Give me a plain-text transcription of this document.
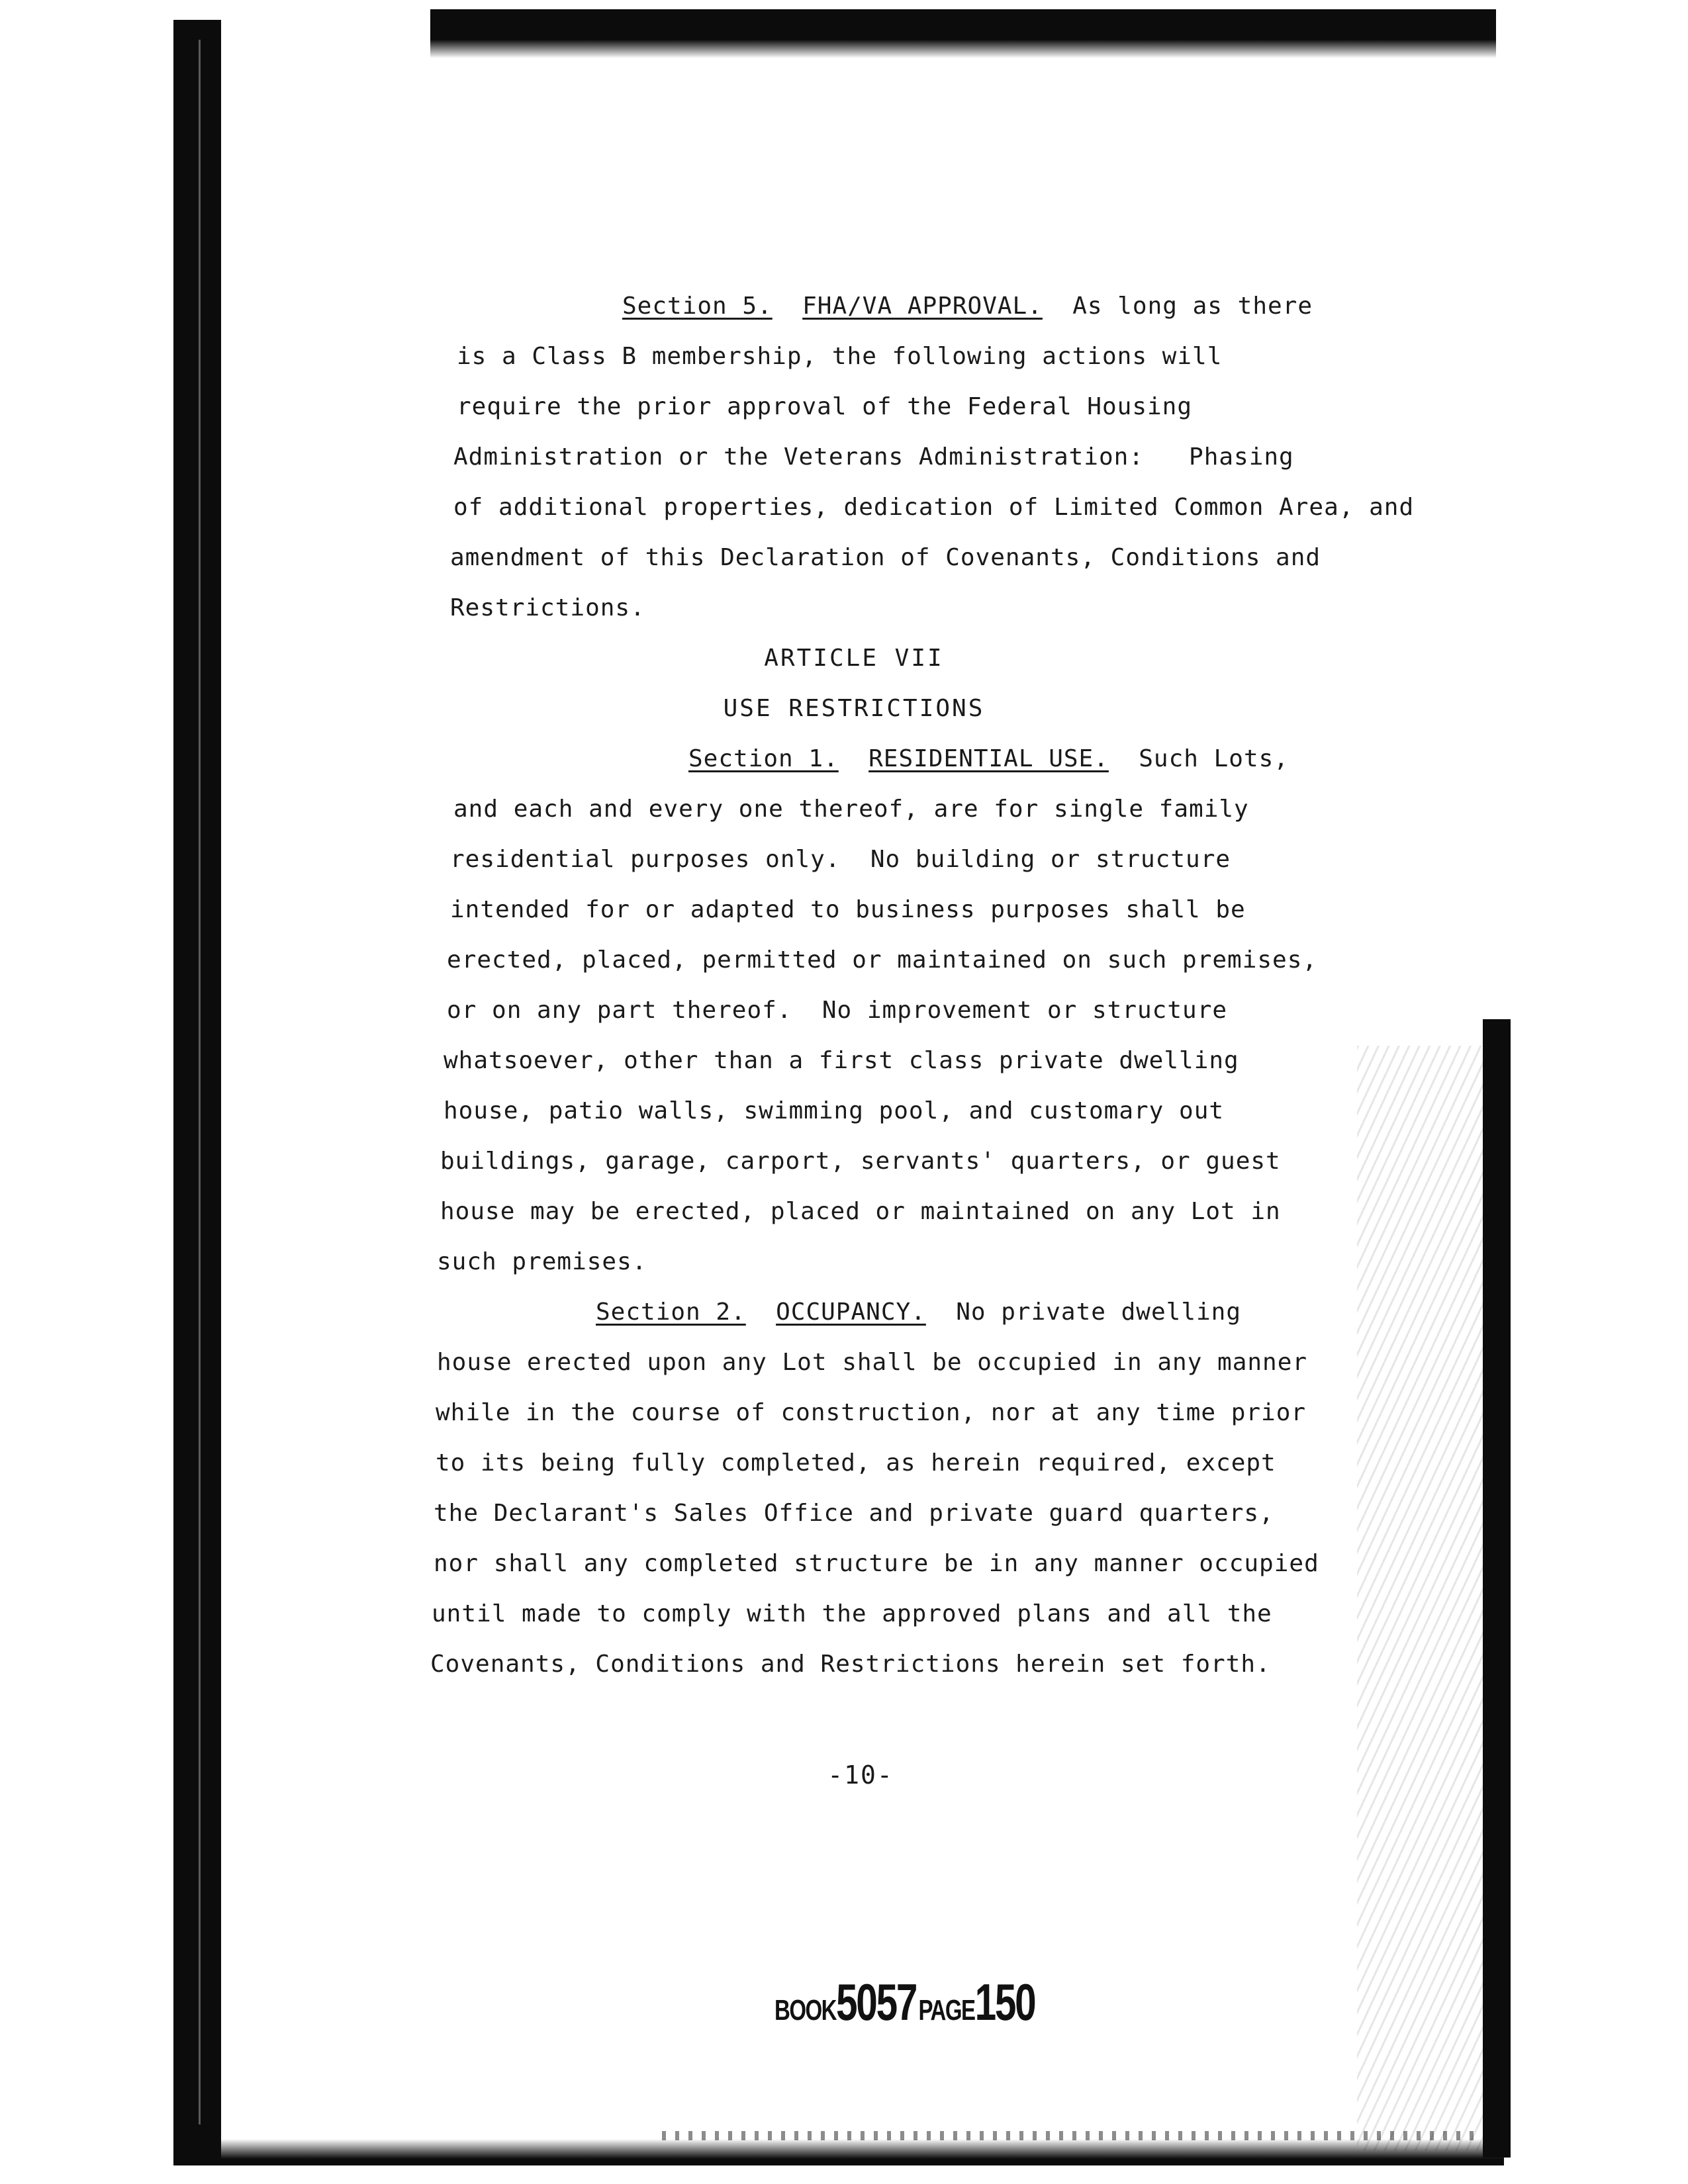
Section 5. FHA/VA APPROVAL.  As long as there
is a Class B membership, the following actions will
require the prior approval of the Federal Housing
Administration or the Veterans Administration:   Phasing
of additional properties, dedication of Limited Common Area, and
amendment of this Declaration of Covenants, Conditions and
Restrictions.
ARTICLE VII
USE RESTRICTIONS
Section 1. RESIDENTIAL USE.  Such Lots,
and each and every one thereof, are for single family
residential purposes only.  No building or structure
intended for or adapted to business purposes shall be
erected, placed, permitted or maintained on such premises,
or on any part thereof.  No improvement or structure
whatsoever, other than a first class private dwelling
house, patio walls, swimming pool, and customary out
buildings, garage, carport, servants' quarters, or guest
house may be erected, placed or maintained on any Lot in
such premises.
Section 2. OCCUPANCY.  No private dwelling
house erected upon any Lot shall be occupied in any manner
while in the course of construction, nor at any time prior
to its being fully completed, as herein required, except
the Declarant's Sales Office and private guard quarters,
nor shall any completed structure be in any manner occupied
until made to comply with the approved plans and all the
Covenants, Conditions and Restrictions herein set forth.
-10-
BOOK5057 PAGE150
